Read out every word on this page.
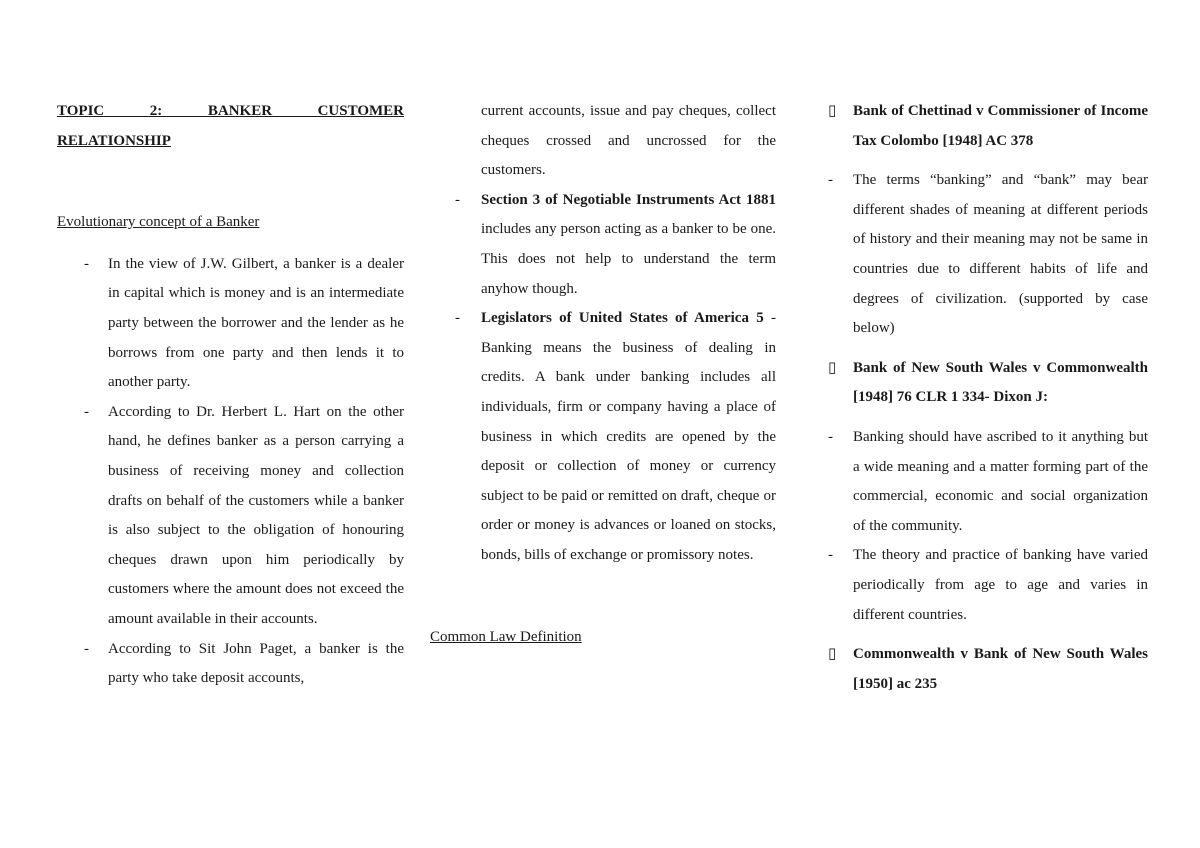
TOPIC 2: BANKER CUSTOMER
RELATIONSHIP
Evolutionary concept of a Banker
- In the view of J.W. Gilbert, a banker is a dealer in capital which is money and is an intermediate party between the borrower and the lender as he borrows from one party and then lends it to another party.
- According to Dr. Herbert L. Hart on the other hand, he defines banker as a person carrying a business of receiving money and collection drafts on behalf of the customers while a banker is also subject to the obligation of honouring cheques drawn upon him periodically by customers where the amount does not exceed the amount available in their accounts.
- According to Sit John Paget, a banker is the party who take deposit accounts,
current accounts, issue and pay cheques, collect cheques crossed and uncrossed for the customers.
- Section 3 of Negotiable Instruments Act 1881 includes any person acting as a banker to be one. This does not help to understand the term anyhow though.
- Legislators of United States of America 5 - Banking means the business of dealing in credits. A bank under banking includes all individuals, firm or company having a place of business in which credits are opened by the deposit or collection of money or currency subject to be paid or remitted on draft, cheque or order or money is advances or loaned on stocks, bonds, bills of exchange or promissory notes.
Common Law Definition
▯ Bank of Chettinad v Commissioner of Income Tax Colombo [1948] AC 378
- The terms “banking” and “bank” may bear different shades of meaning at different periods of history and their meaning may not be same in countries due to different habits of life and degrees of civilization. (supported by case below)
▯ Bank of New South Wales v Commonwealth [1948] 76 CLR 1 334- Dixon J:
- Banking should have ascribed to it anything but a wide meaning and a matter forming part of the commercial, economic and social organization of the community.
- The theory and practice of banking have varied periodically from age to age and varies in different countries.
▯ Commonwealth v Bank of New South Wales [1950] ac 235
